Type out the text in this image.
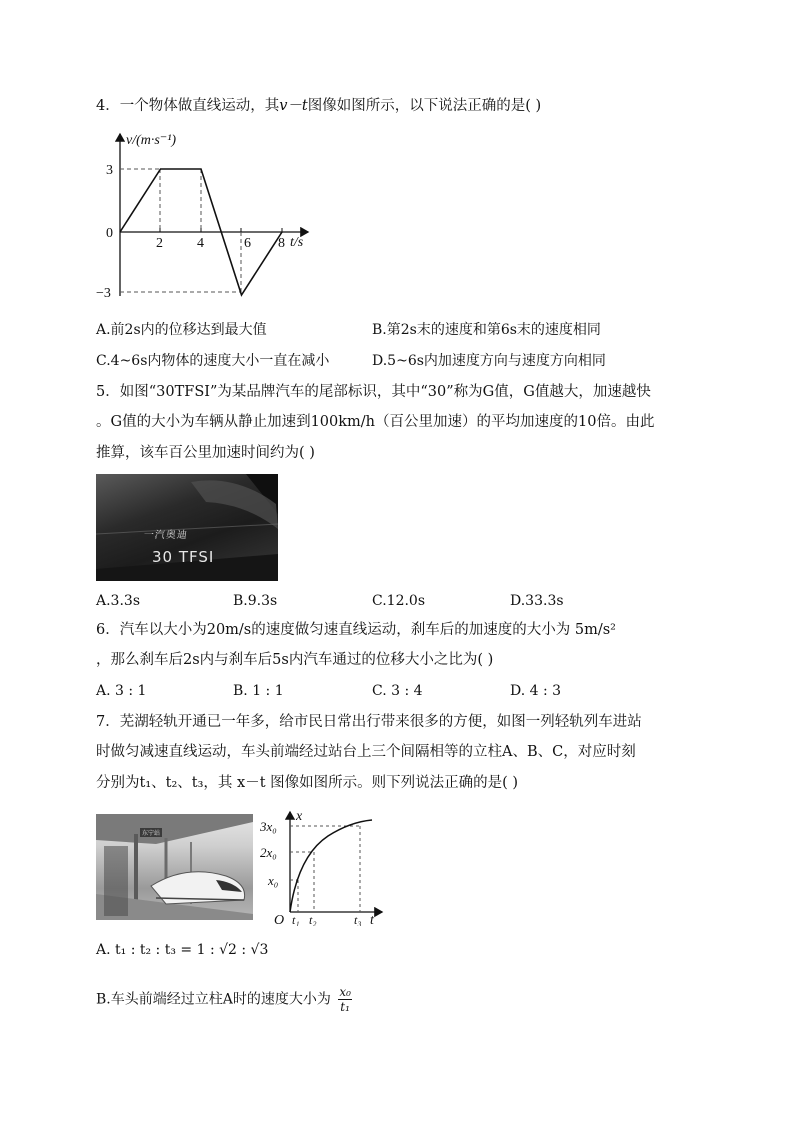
4．一个物体做直线运动，其v－t图像如图所示，以下说法正确的是( )
v/(m·s⁻¹)
t/s
3
0
−3
2 4	6 8
A.前2s内的位移达到最大值	B.第2s末的速度和第6s末的速度相同
C.4~6s内物体的速度大小一直在减小	D.5~6s内加速度方向与速度方向相同
5．如图“30TFSI”为某品牌汽车的尾部标识，其中“30”称为G值，G值越大，加速越快
。G值的大小为车辆从静止加速到100km/h（百公里加速）的平均加速度的10倍。由此
推算，该车百公里加速时间约为( )
一汽奥迪
30 TFSI
A.3.3s	B.9.3s	C.12.0s	D.33.3s
6．汽车以大小为20m/s的速度做匀速直线运动，刹车后的加速度的大小为 5m/s²
，那么刹车后2s内与刹车后5s内汽车通过的位移大小之比为( )
A. 3 : 1	B. 1 : 1	C. 3 : 4	D. 4 : 3
7．芜湖轻轨开通已一年多，给市民日常出行带来很多的方便，如图一列轻轨列车进站
时做匀减速直线运动，车头前端经过站台上三个间隔相等的立柱A、B、C，对应时刻
分别为t₁、t₂、t₃，其 x－t 图像如图所示。则下列说法正确的是( )
东宁站
x
3x₀
2x₀
x₀
O t₁ t₂	t₃ t
A. t₁ : t₂ : t₃ = 1 : √2 : √3
B.车头前端经过立柱A时的速度大小为 $\frac{\text{x₀}}{\text{t₁}}$
